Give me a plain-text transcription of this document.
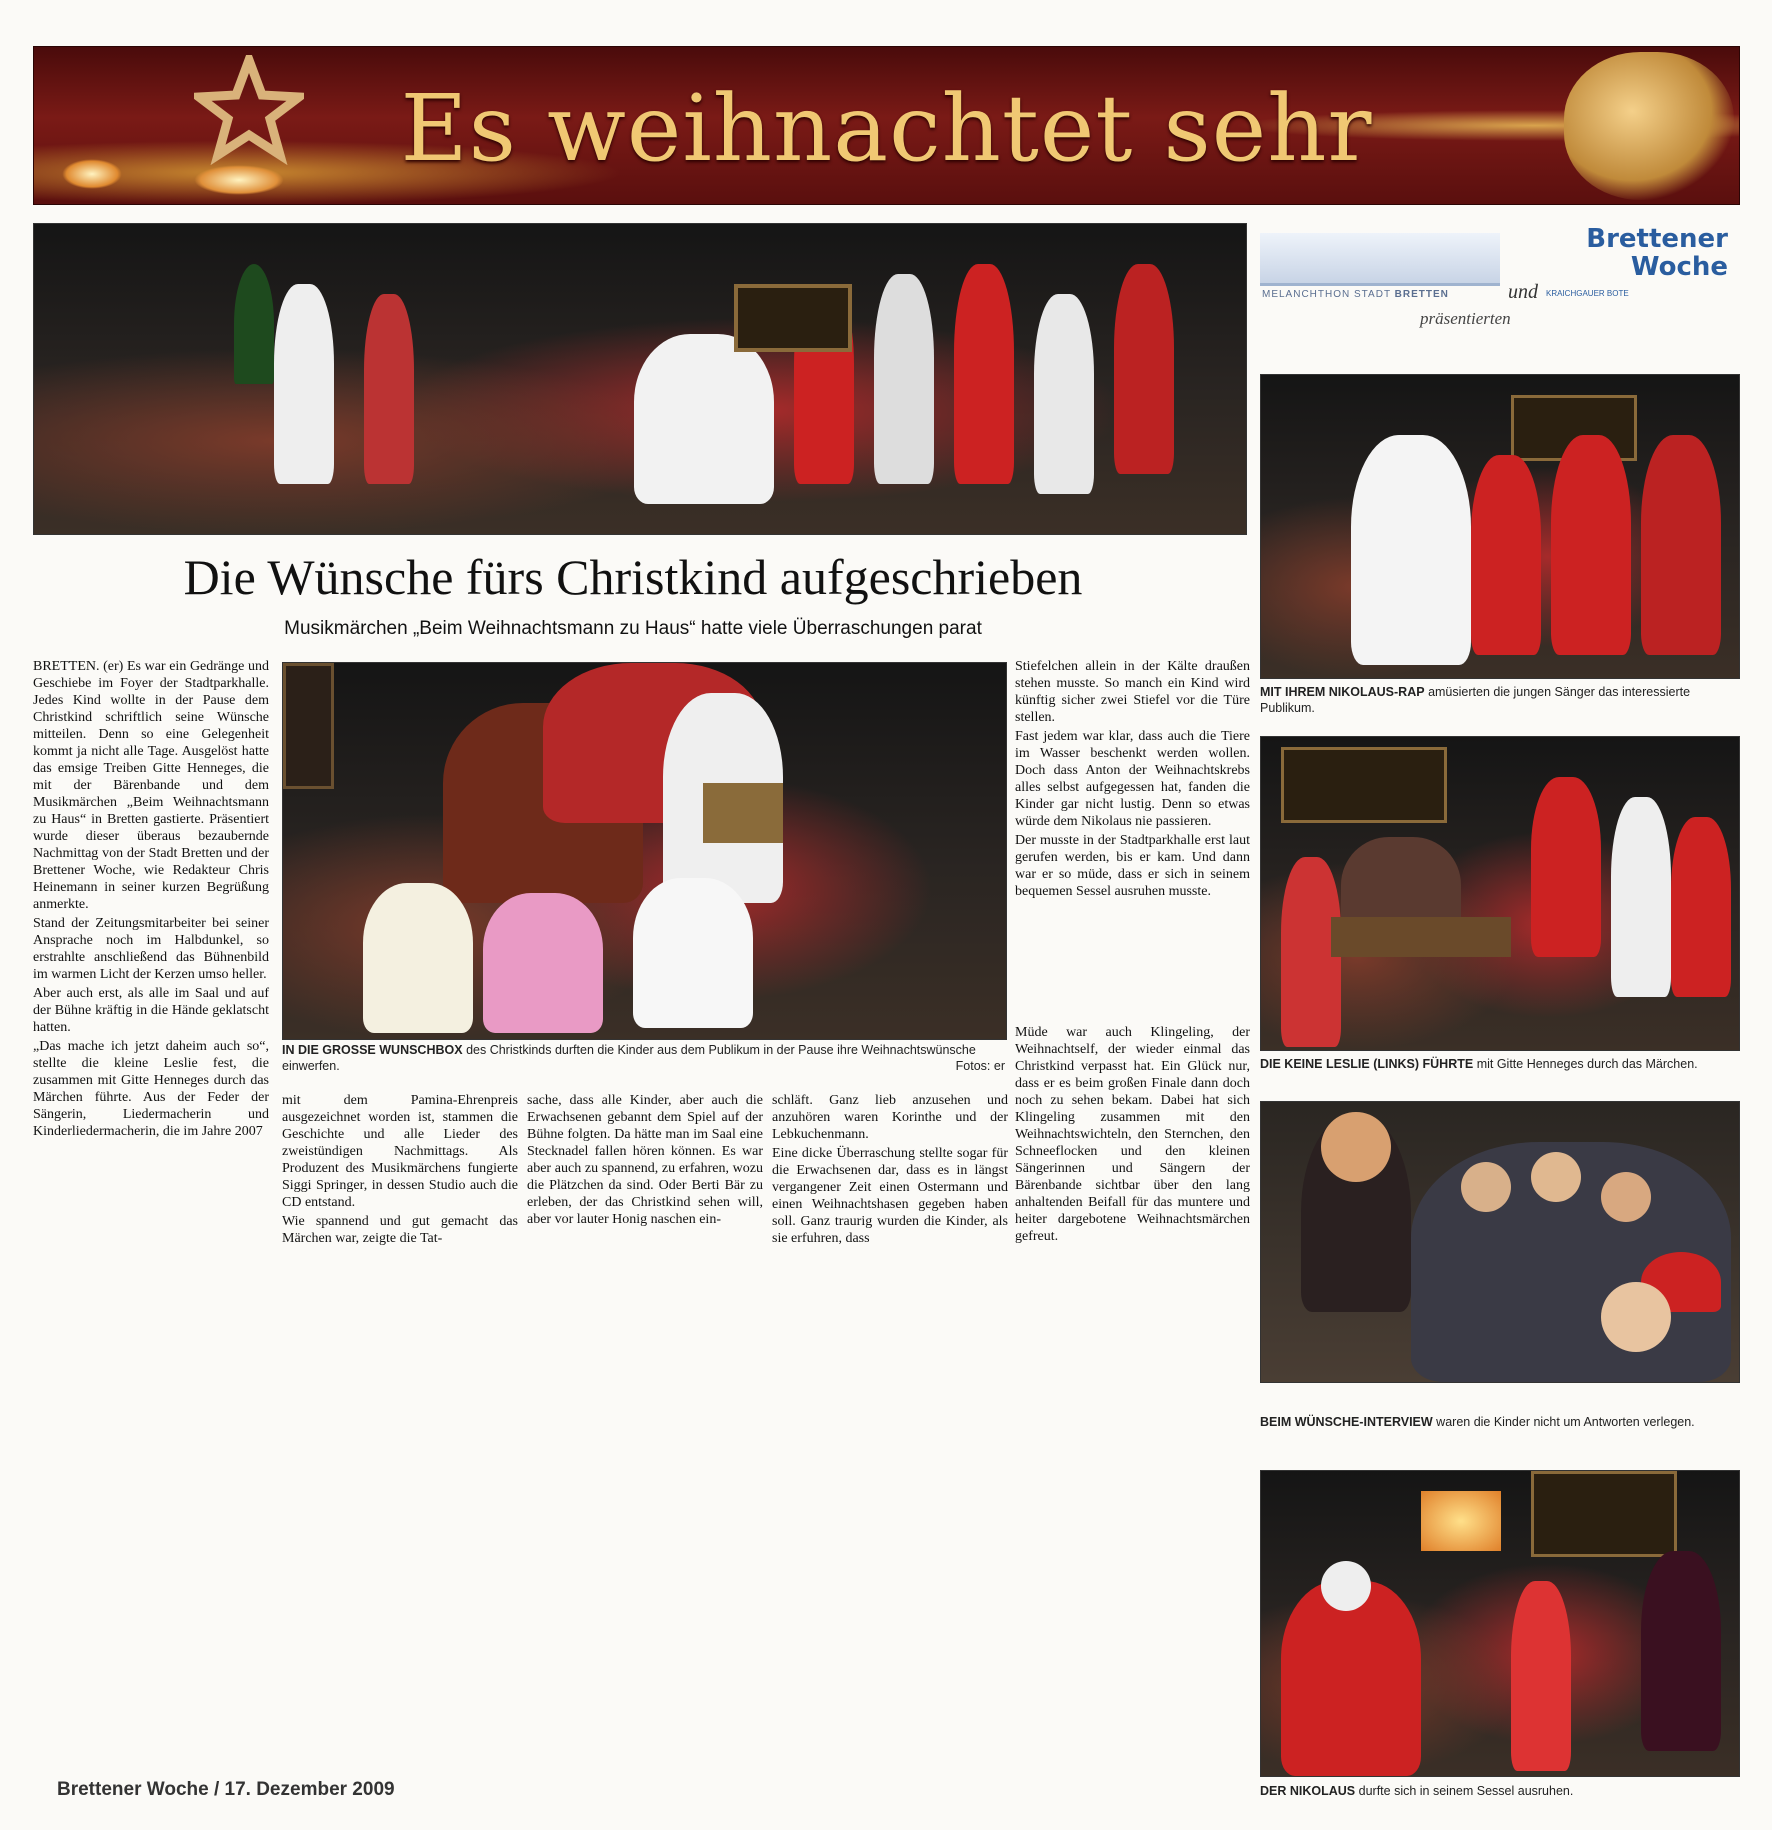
Es weihnachtet sehr
Die Wünsche fürs Christkind aufgeschrieben
Musikmärchen „Beim Weihnachtsmann zu Haus“ hatte viele Überraschungen parat

BRETTEN. (er) Es war ein Gedränge und Geschiebe im Foyer der Stadtparkhalle. Jedes Kind wollte in der Pause dem Christkind schriftlich seine Wünsche mitteilen. Denn so eine Gelegenheit kommt ja nicht alle Tage. Ausgelöst hatte das emsige Treiben Gitte Henneges, die mit der Bärenbande und dem Musikmärchen „Beim Weihnachtsmann zu Haus“ in Bretten gastierte. Präsentiert wurde dieser überaus bezaubernde Nachmittag von der Stadt Bretten und der Brettener Woche, wie Redakteur Chris Heinemann in seiner kurzen Begrüßung anmerkte.

Stand der Zeitungsmitarbeiter bei seiner Ansprache noch im Halbdunkel, so erstrahlte anschließend das Bühnenbild im warmen Licht der Kerzen umso heller.

Aber auch erst, als alle im Saal und auf der Bühne kräftig in die Hände geklatscht hatten.

„Das mache ich jetzt daheim auch so“, stellte die kleine Leslie fest, die zusammen mit Gitte Henneges durch das Märchen führte. Aus der Feder der Sängerin, Liedermacherin und Kinderliedermacherin, die im Jahre 2007

IN DIE GROSSE WUNSCHBOX des Christkinds durften die Kinder aus dem Publikum in der Pause ihre Weihnachtswünsche einwerfen.	Fotos: er

Stiefelchen allein in der Kälte draußen stehen musste. So manch ein Kind wird künftig sicher zwei Stiefel vor die Türe stellen.

Fast jedem war klar, dass auch die Tiere im Wasser beschenkt werden wollen. Doch dass Anton der Weihnachtskrebs alles selbst aufgegessen hat, fanden die Kinder gar nicht lustig. Denn so etwas würde dem Nikolaus nie passieren.

Der musste in der Stadtparkhalle erst laut gerufen werden, bis er kam. Und dann war er so müde, dass er sich in seinem bequemen Sessel ausruhen musste.

mit dem Pamina-Ehrenpreis ausgezeichnet worden ist, stammen die Geschichte und alle Lieder des zweistündigen Nachmittags. Als Produzent des Musikmärchens fungierte Siggi Springer, in dessen Studio auch die CD entstand.

Wie spannend und gut gemacht das Märchen war, zeigte die Tat-

sache, dass alle Kinder, aber auch die Erwachsenen gebannt dem Spiel auf der Bühne folgten. Da hätte man im Saal eine Stecknadel fallen hören können. Es war aber auch zu spannend, zu erfahren, wozu die Plätzchen da sind. Oder Berti Bär zu erleben, der das Christkind sehen will, aber vor lauter Honig naschen ein-

schläft. Ganz lieb anzusehen und anzuhören waren Korinthe und der Lebkuchenmann.

Eine dicke Überraschung stellte sogar für die Erwachsenen dar, dass es in längst vergangener Zeit einen Ostermann und einen Weihnachtshasen gegeben haben soll. Ganz traurig wurden die Kinder, als sie erfuhren, dass

Müde war auch Klingeling, der Weihnachtself, der wieder einmal das Christkind verpasst hat. Ein Glück nur, dass er es beim großen Finale dann doch noch zu sehen bekam. Dabei hat sich Klingeling zusammen mit den Weihnachtswichteln, den Sternchen, den Schneeflocken und den kleinen Sängerinnen und Sängern der Bärenbande sichtbar über den lang anhaltenden Beifall für das muntere und heiter dargebotene Weihnachtsmärchen gefreut.

MELANCHTHON STADT BRETTEN	und
Brettener
Woche
KRAICHGAUER BOTE
präsentierten
MIT IHREM NIKOLAUS-RAP amüsierten die jungen Sänger das interessierte Publikum.
DIE KEINE LESLIE (LINKS) FÜHRTE mit Gitte Henneges durch das Märchen.
BEIM WÜNSCHE-INTERVIEW waren die Kinder nicht um Antworten verlegen.
DER NIKOLAUS durfte sich in seinem Sessel ausruhen.
Brettener Woche / 17. Dezember 2009
